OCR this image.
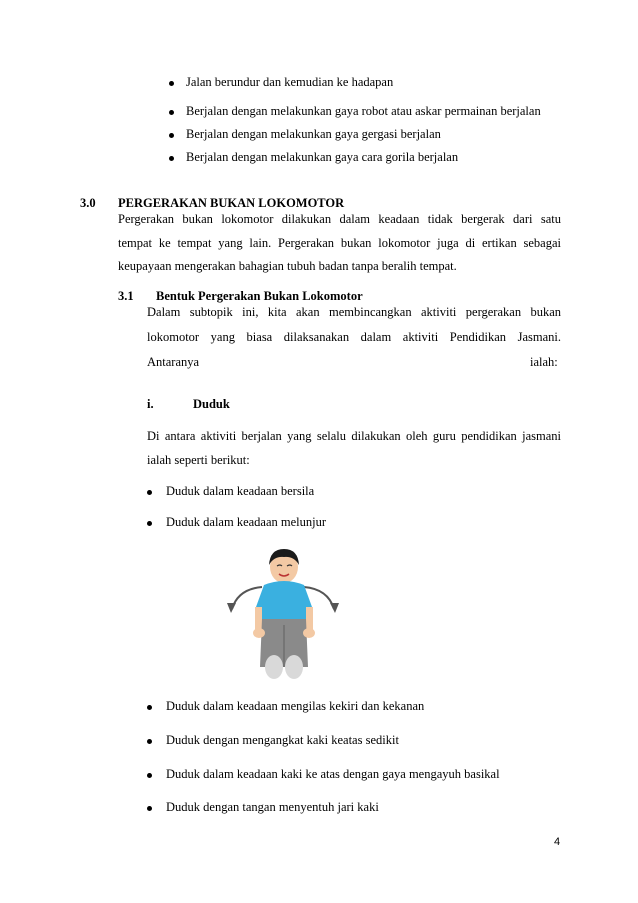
Jalan berundur dan kemudian ke hadapan
Berjalan dengan melakunkan gaya robot atau askar permainan berjalan
Berjalan dengan melakunkan gaya gergasi berjalan
Berjalan dengan melakunkan gaya cara gorila berjalan
3.0 PERGERAKAN BUKAN LOKOMOTOR
Pergerakan bukan lokomotor dilakukan dalam keadaan tidak bergerak dari satu
tempat ke tempat yang lain. Pergerakan bukan lokomotor juga di ertikan sebagai
keupayaan mengerakan bahagian tubuh badan tanpa beralih tempat.
3.1 Bentuk Pergerakan Bukan Lokomotor
Dalam subtopik ini, kita akan membincangkan aktiviti pergerakan bukan
lokomotor yang biasa dilaksanakan dalam aktiviti Pendidikan Jasmani.
Antaranya	ialah:
i.	Duduk
Di antara aktiviti berjalan yang selalu dilakukan oleh guru pendidikan jasmani
ialah seperti berikut:
Duduk dalam keadaan bersila
Duduk dalam keadaan melunjur
Duduk dalam keadaan mengilas kekiri dan kekanan
Duduk dengan mengangkat kaki keatas sedikit
Duduk dalam keadaan kaki ke atas dengan gaya mengayuh basikal
Duduk dengan tangan menyentuh jari kaki
4
